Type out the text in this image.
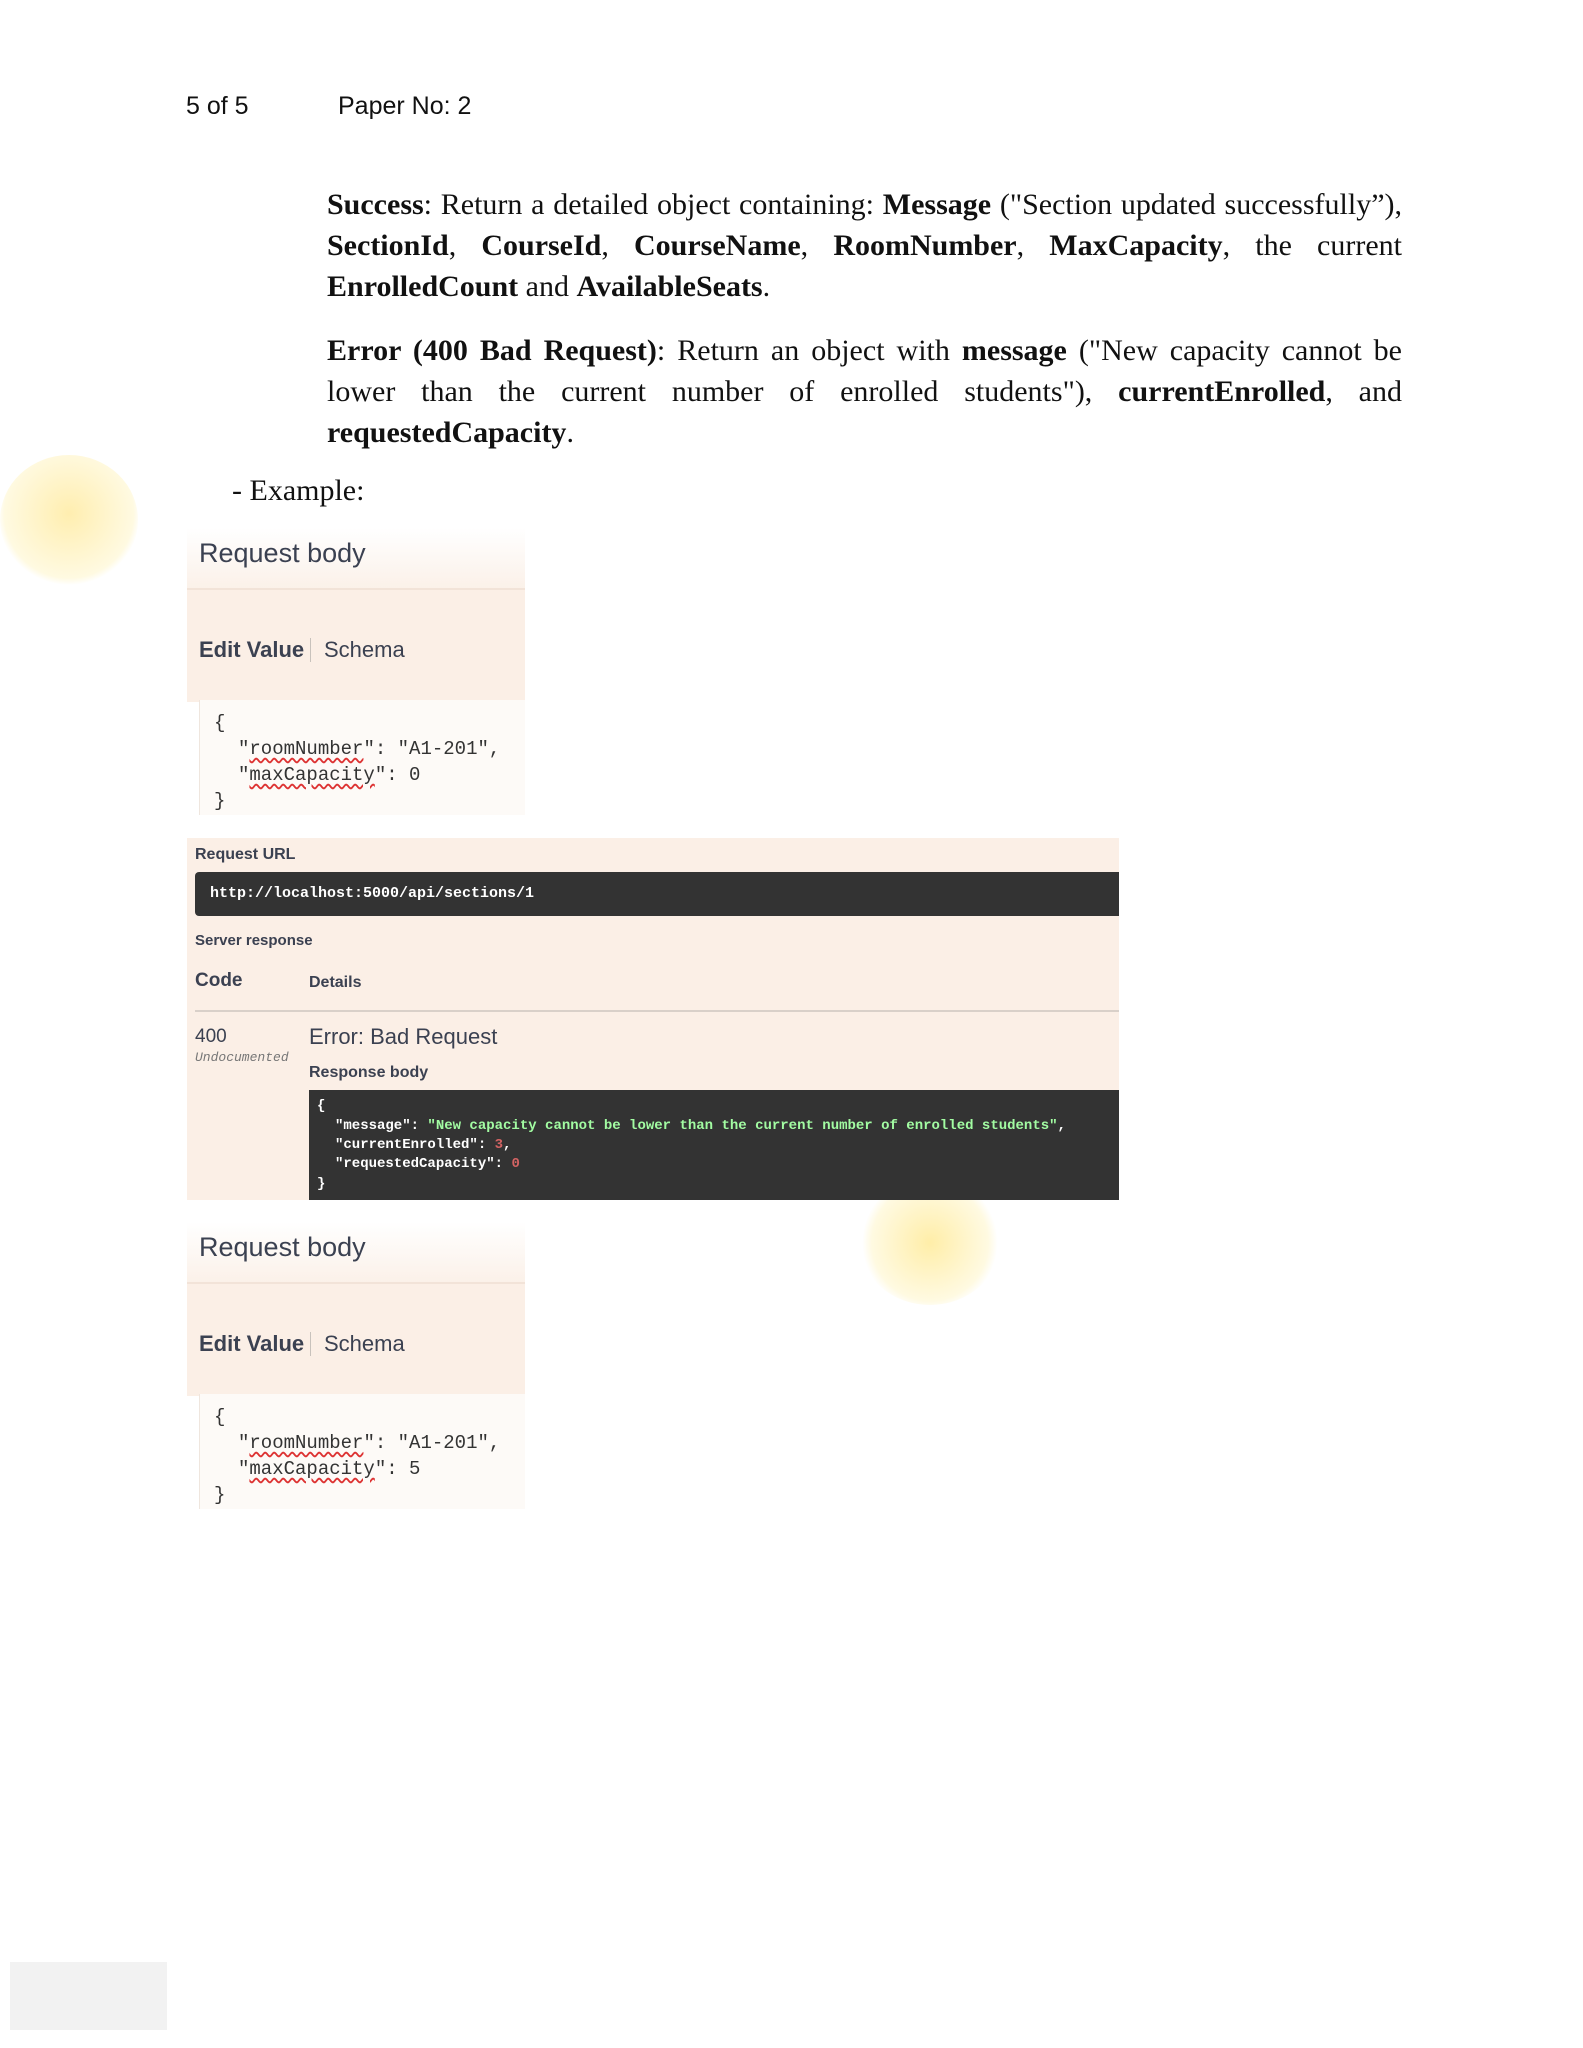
5 of 5	Paper No: 2

Success: Return a detailed object containing: Message ("Section updated successfully”), SectionId, CourseId, CourseName, RoomNumber, MaxCapacity, the current EnrolledCount and AvailableSeats.

Error (400 Bad Request): Return an object with message ("New capacity cannot be lower than the current number of enrolled students"), currentEnrolled, and requestedCapacity.

- Example:
Request body
Edit Value Schema
{
"roomNumber": "A1-201",
"maxCapacity": 0
}
Request URL
http://localhost:5000/api/sections/1
Server response
Code	Details
400
Undocumented
Error: Bad Request
Response body
{
"message": "New capacity cannot be lower than the current number of enrolled students",
"currentEnrolled": 3,
"requestedCapacity": 0
}
Request body
Edit Value Schema
{
"roomNumber": "A1-201",
"maxCapacity": 5
}
